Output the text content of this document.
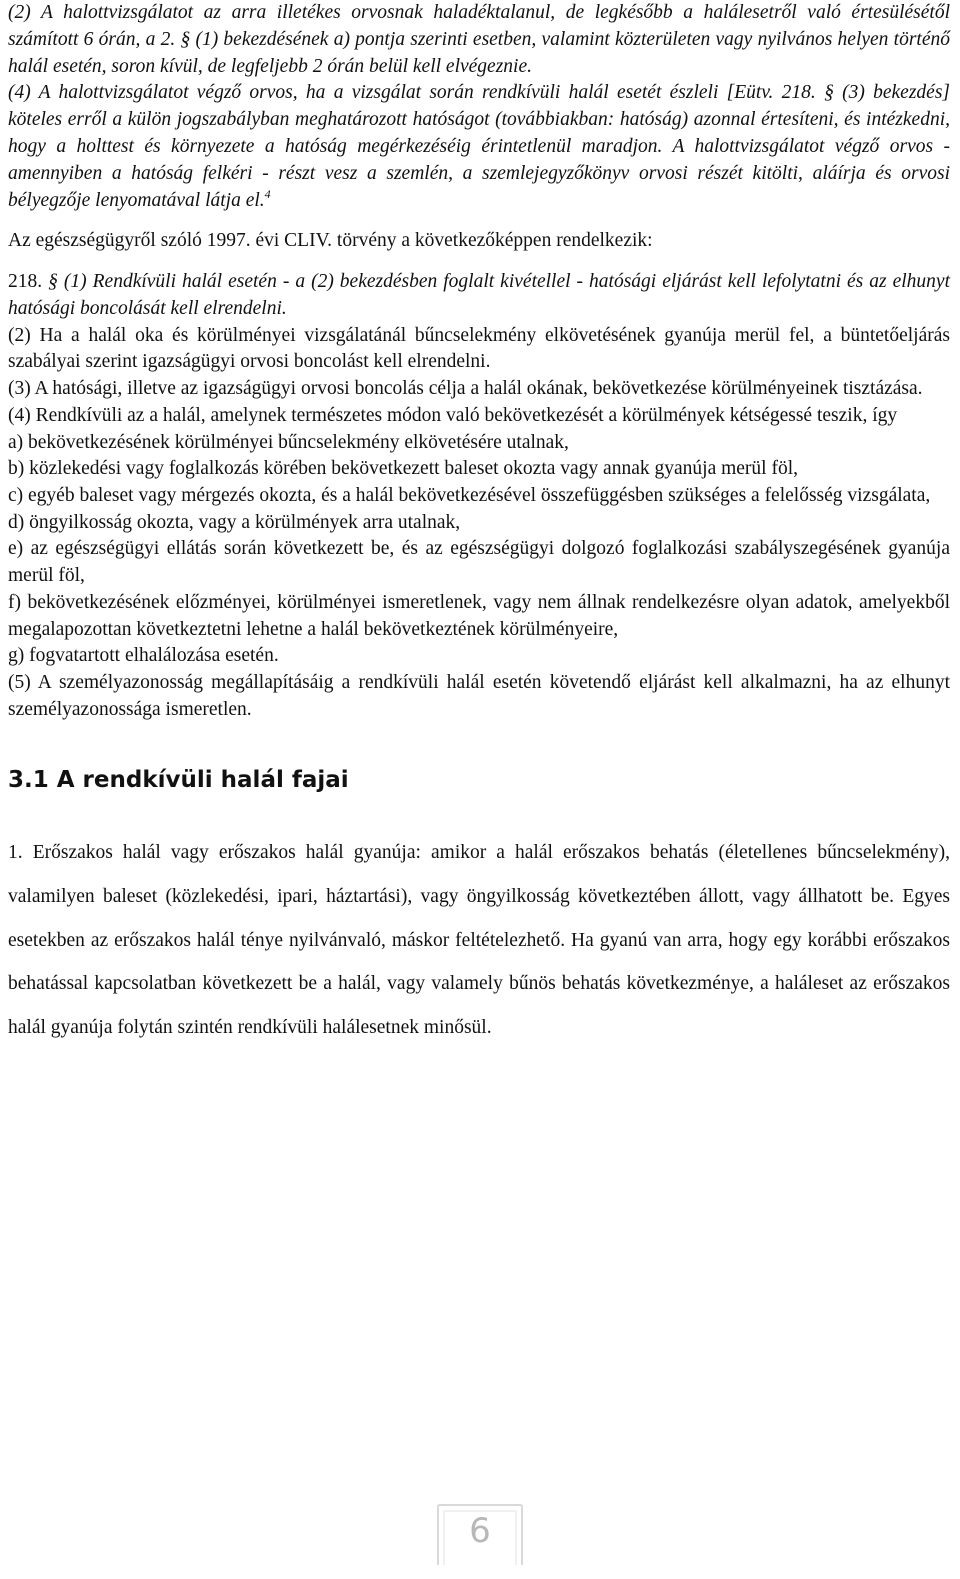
(2) A halottvizsgálatot az arra illetékes orvosnak haladéktalanul, de legkésőbb a halálesetről való értesülésétől számított 6 órán, a 2. § (1) bekezdésének a) pontja szerinti esetben, valamint közterületen vagy nyilvános helyen történő halál esetén, soron kívül, de legfeljebb 2 órán belül kell elvégeznie.

(4) A halottvizsgálatot végző orvos, ha a vizsgálat során rendkívüli halál esetét észleli [Eütv. 218. § (3) bekezdés] köteles erről a külön jogszabályban meghatározott hatóságot (továbbiakban: hatóság) azonnal értesíteni, és intézkedni, hogy a holttest és környezete a hatóság megérkezéséig érintetlenül maradjon. A halottvizsgálatot végző orvos - amennyiben a hatóság felkéri - részt vesz a szemlén, a szemlejegyzőkönyv orvosi részét kitölti, aláírja és orvosi bélyegzője lenyomatával látja el.$^4$

Az egészségügyről szóló 1997. évi CLIV. törvény a következőképpen rendelkezik:

218. § (1) Rendkívüli halál esetén - a (2) bekezdésben foglalt kivétellel - hatósági eljárást kell lefolytatni és az elhunyt hatósági boncolását kell elrendelni.

(2) Ha a halál oka és körülményei vizsgálatánál bűncselekmény elkövetésének gyanúja merül fel, a büntetőeljárás szabályai szerint igazságügyi orvosi boncolást kell elrendelni.

(3) A hatósági, illetve az igazságügyi orvosi boncolás célja a halál okának, bekövetkezése körülményeinek tisztázása.

(4) Rendkívüli az a halál, amelynek természetes módon való bekövetkezését a körülmények kétségessé teszik, így

a) bekövetkezésének körülményei bűncselekmény elkövetésére utalnak,

b) közlekedési vagy foglalkozás körében bekövetkezett baleset okozta vagy annak gyanúja merül föl,

c) egyéb baleset vagy mérgezés okozta, és a halál bekövetkezésével összefüggésben szükséges a felelősség vizsgálata,

d) öngyilkosság okozta, vagy a körülmények arra utalnak,

e) az egészségügyi ellátás során következett be, és az egészségügyi dolgozó foglalkozási szabályszegésének gyanúja merül föl,

f) bekövetkezésének előzményei, körülményei ismeretlenek, vagy nem állnak rendelkezésre olyan adatok, amelyekből megalapozottan következtetni lehetne a halál bekövetkeztének körülményeire,

g) fogvatartott elhalálozása esetén.

(5) A személyazonosság megállapításáig a rendkívüli halál esetén követendő eljárást kell alkalmazni, ha az elhunyt személyazonossága ismeretlen.

3.1 A rendkívüli halál fajai

1. Erőszakos halál vagy erőszakos halál gyanúja: amikor a halál erőszakos behatás (életellenes bűncselekmény), valamilyen baleset (közlekedési, ipari, háztartási), vagy öngyilkosság következtében állott, vagy állhatott be. Egyes esetekben az erőszakos halál ténye nyilvánvaló, máskor feltételezhető. Ha gyanú van arra, hogy egy korábbi erőszakos behatással kapcsolatban következett be a halál, vagy valamely bűnös behatás következménye, a haláleset az erőszakos halál gyanúja folytán szintén rendkívüli halálesetnek minősül.

6
